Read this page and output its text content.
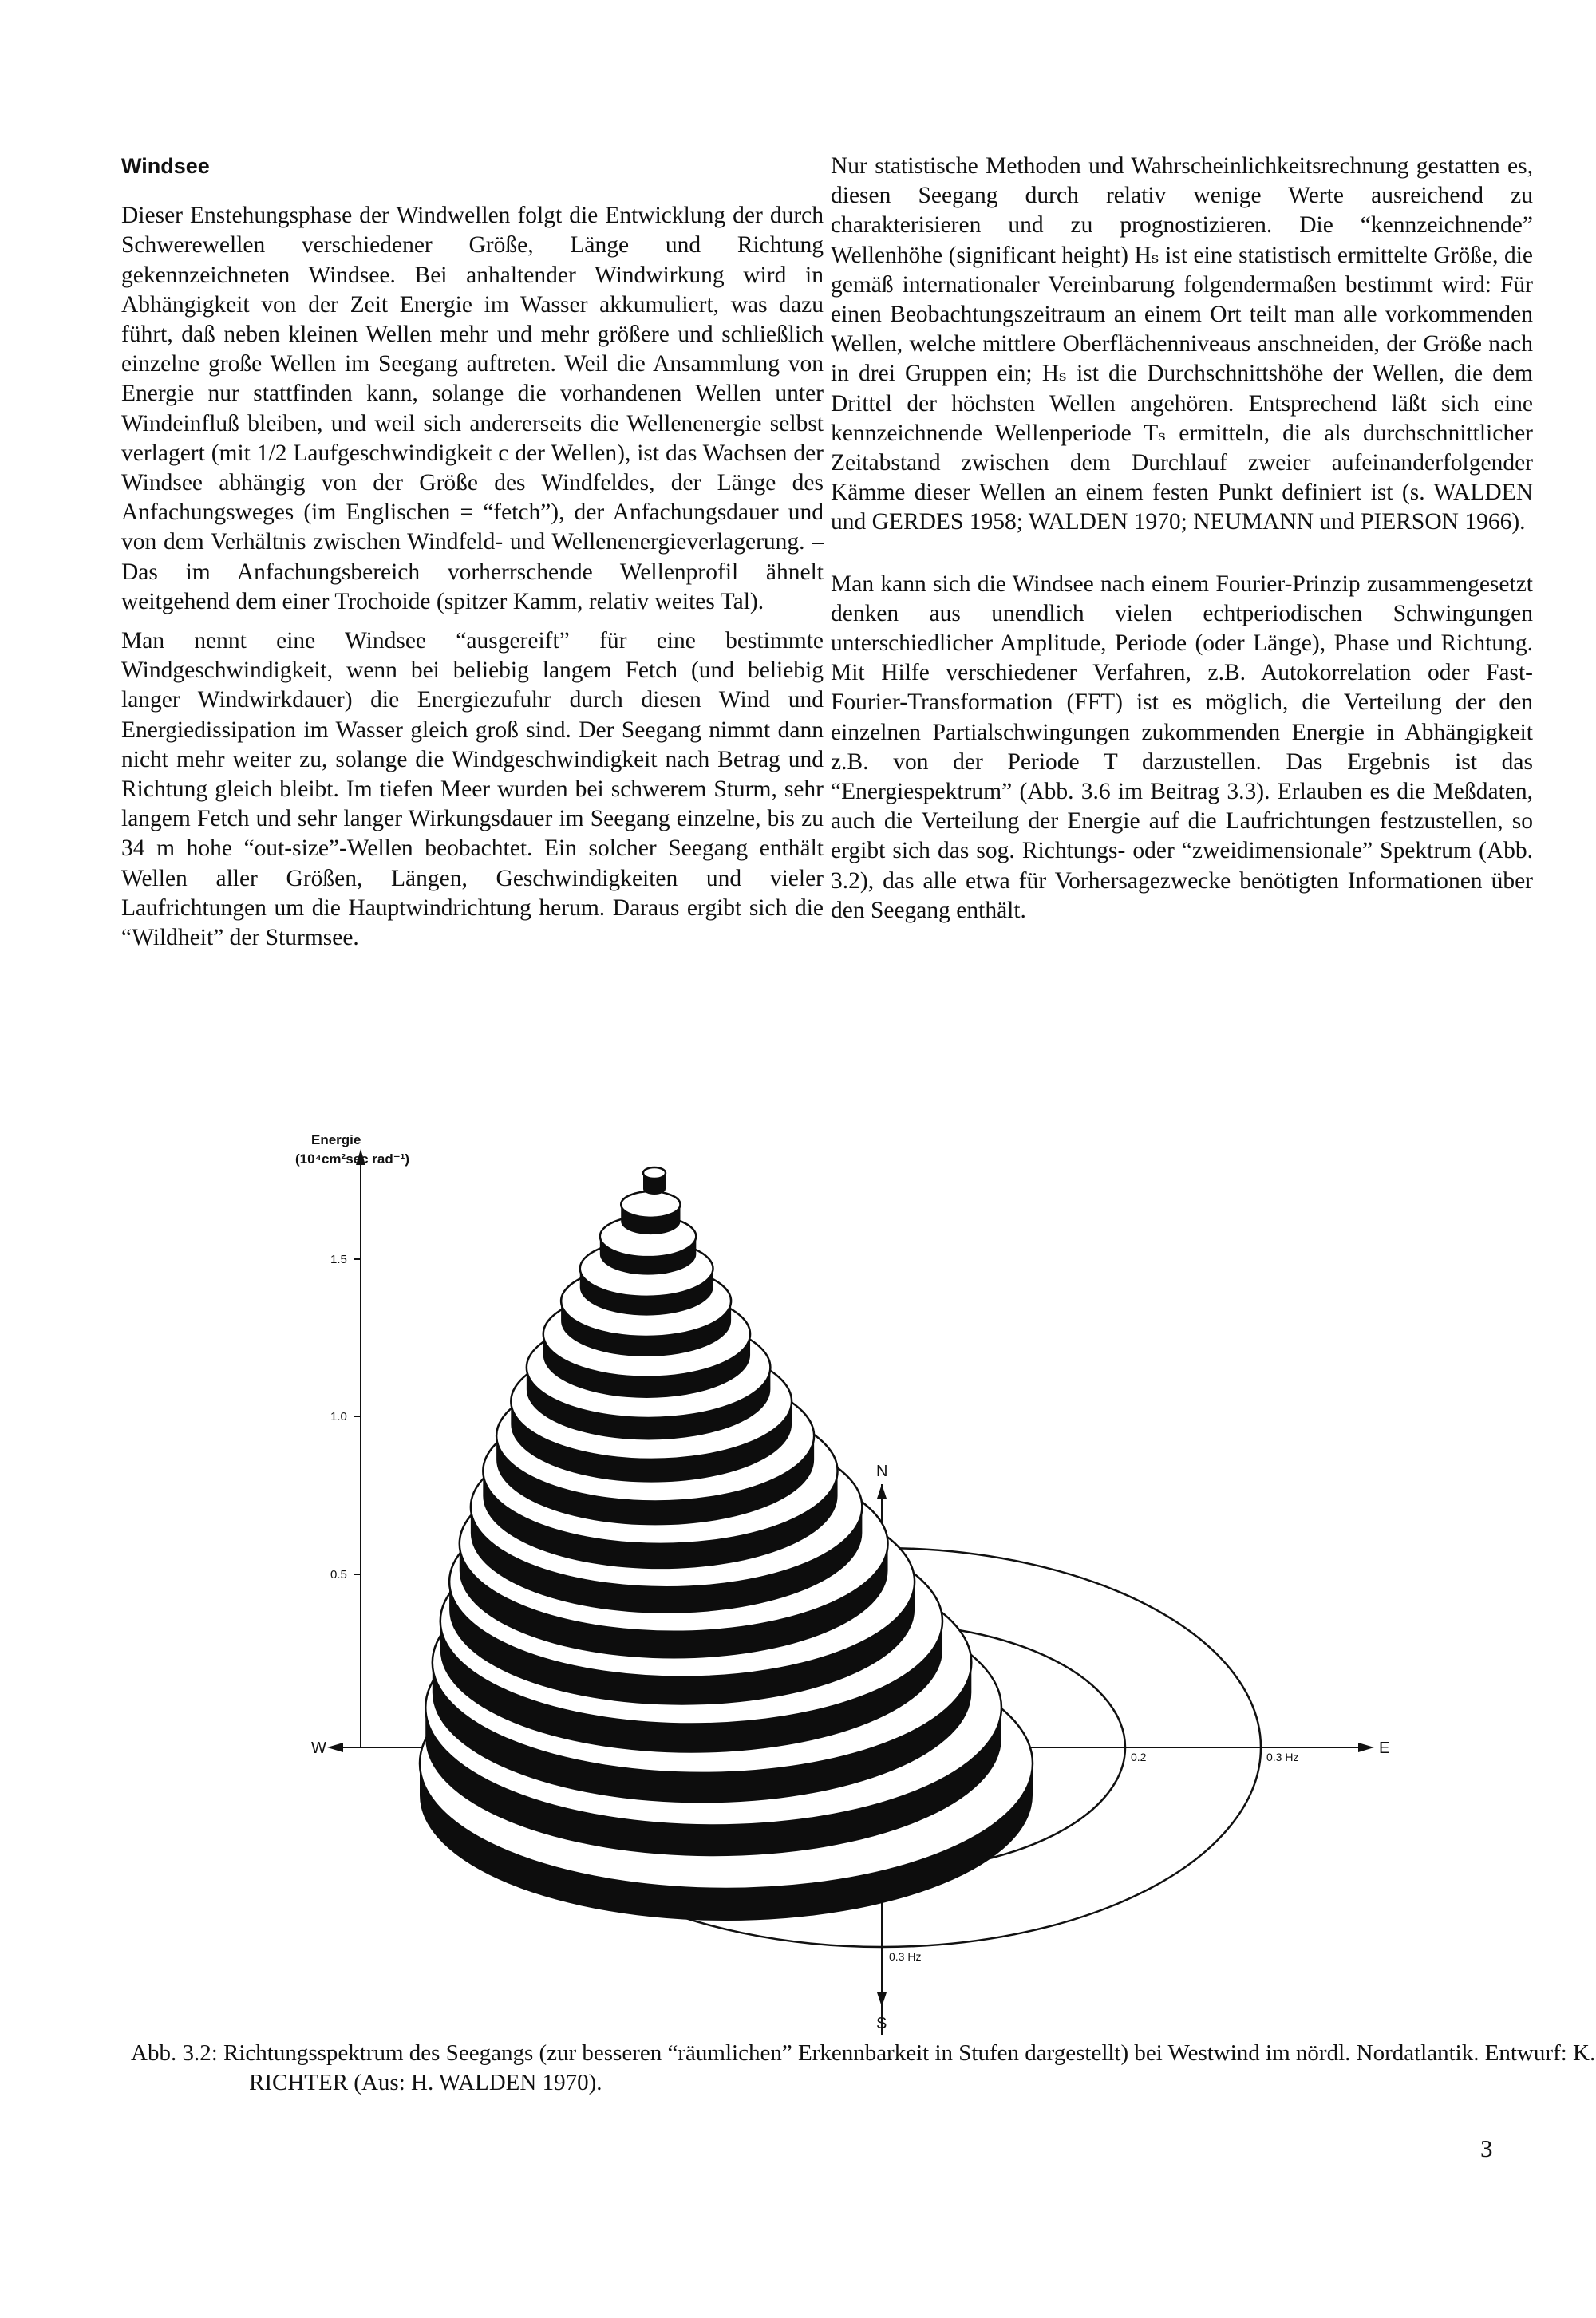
Windsee

Dieser Enstehungsphase der Windwellen folgt die Entwicklung der durch Schwerewellen verschiedener Größe, Länge und Richtung gekennzeichneten Windsee. Bei anhaltender Windwirkung wird in Abhängigkeit von der Zeit Energie im Wasser akkumuliert, was dazu führt, daß neben kleinen Wellen mehr und mehr größere und schließlich einzelne große Wellen im Seegang auftreten. Weil die Ansammlung von Energie nur stattfinden kann, solange die vorhandenen Wellen unter Windeinfluß bleiben, und weil sich andererseits die Wellenenergie selbst verlagert (mit 1/2 Laufgeschwindigkeit c der Wellen), ist das Wachsen der Windsee abhängig von der Größe des Windfeldes, der Länge des Anfachungsweges (im Englischen = “fetch”), der Anfachungsdauer und von dem Verhältnis zwischen Windfeld- und Wellenenergieverlagerung. – Das im Anfachungsbereich vorherrschende Wellenprofil ähnelt weitgehend dem einer Trochoide (spitzer Kamm, relativ weites Tal).

Man nennt eine Windsee “ausgereift” für eine bestimmte Windgeschwindigkeit, wenn bei beliebig langem Fetch (und beliebig langer Windwirkdauer) die Energiezufuhr durch diesen Wind und Energiedissipation im Wasser gleich groß sind. Der Seegang nimmt dann nicht mehr weiter zu, solange die Windgeschwindigkeit nach Betrag und Richtung gleich bleibt. Im tiefen Meer wurden bei schwerem Sturm, sehr langem Fetch und sehr langer Wirkungsdauer im Seegang einzelne, bis zu 34 m hohe “out-size”-Wellen beobachtet. Ein solcher Seegang enthält Wellen aller Größen, Längen, Geschwindigkeiten und vieler Laufrichtungen um die Hauptwindrichtung herum. Daraus ergibt sich die “Wildheit” der Sturmsee.

Nur statistische Methoden und Wahrscheinlichkeitsrechnung gestatten es, diesen Seegang durch relativ wenige Werte ausreichend zu charakterisieren und zu prognostizieren. Die “kennzeichnende” Wellenhöhe (significant height) Hₛ ist eine statistisch ermittelte Größe, die gemäß internationaler Vereinbarung folgendermaßen bestimmt wird: Für einen Beobachtungszeitraum an einem Ort teilt man alle vorkommenden Wellen, welche mittlere Oberflächenniveaus anschneiden, der Größe nach in drei Gruppen ein; Hₛ ist die Durchschnittshöhe der Wellen, die dem Drittel der höchsten Wellen angehören. Entsprechend läßt sich eine kennzeichnende Wellenperiode Tₛ ermitteln, die als durchschnittlicher Zeitabstand zwischen dem Durchlauf zweier aufeinanderfolgender Kämme dieser Wellen an einem festen Punkt definiert ist (s. WALDEN und GERDES 1958; WALDEN 1970; NEUMANN und PIERSON 1966).

Man kann sich die Windsee nach einem Fourier-Prinzip zusammengesetzt denken aus unendlich vielen echtperiodischen Schwingungen unterschiedlicher Amplitude, Periode (oder Länge), Phase und Richtung. Mit Hilfe verschiedener Verfahren, z.B. Autokorrelation oder Fast-Fourier-Transformation (FFT) ist es möglich, die Verteilung der den einzelnen Partialschwingungen zukommenden Energie in Abhängigkeit z.B. von der Periode T darzustellen. Das Ergebnis ist das “Energiespektrum” (Abb. 3.6 im Beitrag 3.3). Erlauben es die Meßdaten, auch die Verteilung der Energie auf die Laufrichtungen festzustellen, so ergibt sich das sog. Richtungs- oder “zweidimensionale” Spektrum (Abb. 3.2), das alle etwa für Vorhersagezwecke benötigten Informationen über den Seegang enthält.

Energie
(10⁴cm²sec rad⁻¹)
1.5
1.0
0.5
W	E
N
S
0.2	0.3 Hz
0.3 Hz
Abb. 3.2: Richtungsspektrum des Seegangs (zur besseren “räumlichen” Erkennbarkeit in Stufen dargestellt) bei Westwind im nördl. Nordatlantik. Entwurf: K. RICHTER (Aus: H. WALDEN 1970).
3
